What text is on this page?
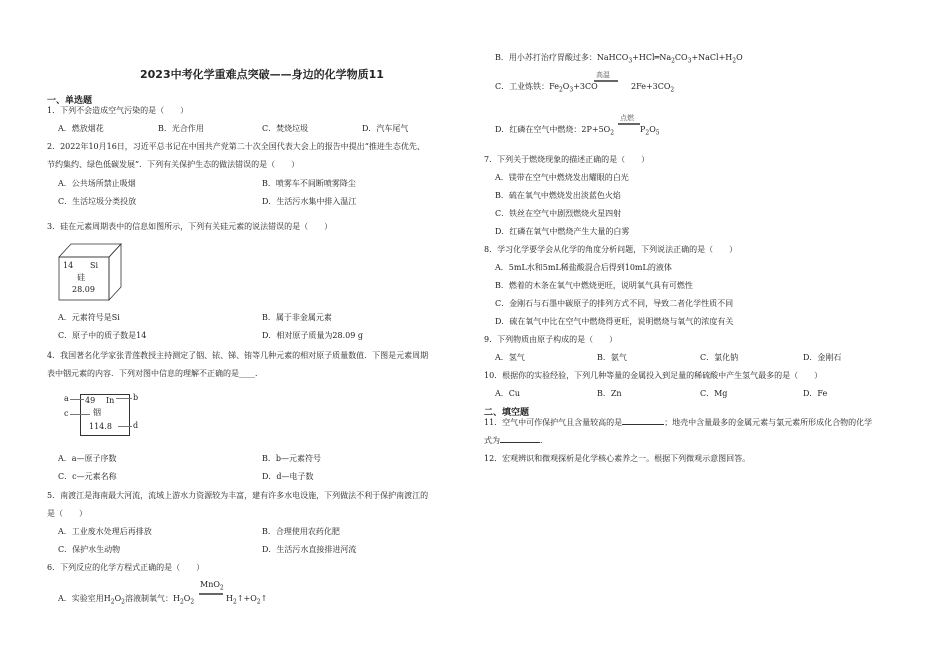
2023中考化学重难点突破——身边的化学物质11
一、单选题
1．下列不会造成空气污染的是（　　）
A．燃放烟花	B．光合作用	C．焚烧垃圾	D．汽车尾气
2．2022年10月16日，习近平总书记在中国共产党第二十次全国代表大会上的报告中提出“推进生态优先、
节约集约、绿色低碳发展”．下列有关保护生态的做法错误的是（　　）
A．公共场所禁止吸烟	B．喷雾车不间断喷雾降尘
C．生活垃圾分类投放	D．生活污水集中排入温江
3．硅在元素周期表中的信息如图所示，下列有关硅元素的说法错误的是（　　）
14 Si
硅
28.09
A．元素符号是Si	B．属于非金属元素
C．原子中的质子数是14	D．相对原子质量为28.09 g
4．我国著名化学家张青莲教授主持测定了铟、铱、锑、铕等几种元素的相对原子质量数值．下图是元素周期
表中铟元素的内容．下列对图中信息的理解不正确的是____．
49 In
铟
114.8
a
c
b
d
A．a—原子序数	B．b—元素符号
C．c—元素名称	D．d—电子数
5．南渡江是海南最大河流，流域上游水力资源较为丰富，建有许多水电设施，下列做法不利于保护南渡江的
是（　　）
A．工业废水处理后再排放	B．合理使用农药化肥
C．保护水生动物	D．生活污水直接排进河流
6．下列反应的化学方程式正确的是（　　）
A．实验室用$H_2O_2$溶液制氧气：$H_2O_2$
MnO$_2$
$H_2↑+O_2↑$
B．用小苏打治疗胃酸过多：$NaHCO_3+HCl═Na_2CO_3+NaCl+H_2O$
C．工业炼铁：$Fe_2O_3+3CO$
高温
$2Fe+3CO_2$
D．红磷在空气中燃烧：$2P+5O_2$
点燃
$P_2O_5$
7．下列关于燃烧现象的描述正确的是（　　）
A．镁带在空气中燃烧发出耀眼的白光
B．硫在氧气中燃烧发出淡蓝色火焰
C．铁丝在空气中剧烈燃烧火星四射
D．红磷在氧气中燃烧产生大量的白雾
8．学习化学要学会从化学的角度分析问题，下列说法正确的是（　　）
A．5mL水和5mL稀盐酸混合后得到10mL的液体
B．燃着的木条在氧气中燃烧更旺，说明氧气具有可燃性
C．金刚石与石墨中碳原子的排列方式不同，导致二者化学性质不同
D．硫在氧气中比在空气中燃烧得更旺，说明燃烧与氧气的浓度有关
9．下列物质由原子构成的是（　　）
A．氢气	B．氨气	C．氯化钠	D．金刚石
10．根据你的实验经验，下列几种等量的金属投入到足量的稀硫酸中产生氢气最多的是（　　）
A．Cu	B．Zn	C．Mg	D．Fe
二、填空题
11．空气中可作保护气且含量较高的是	；地壳中含量最多的金属元素与氯元素所形成化合物的化学
式为	．
12．宏观辨识和微观探析是化学核心素养之一。根据下列微观示意图回答。
